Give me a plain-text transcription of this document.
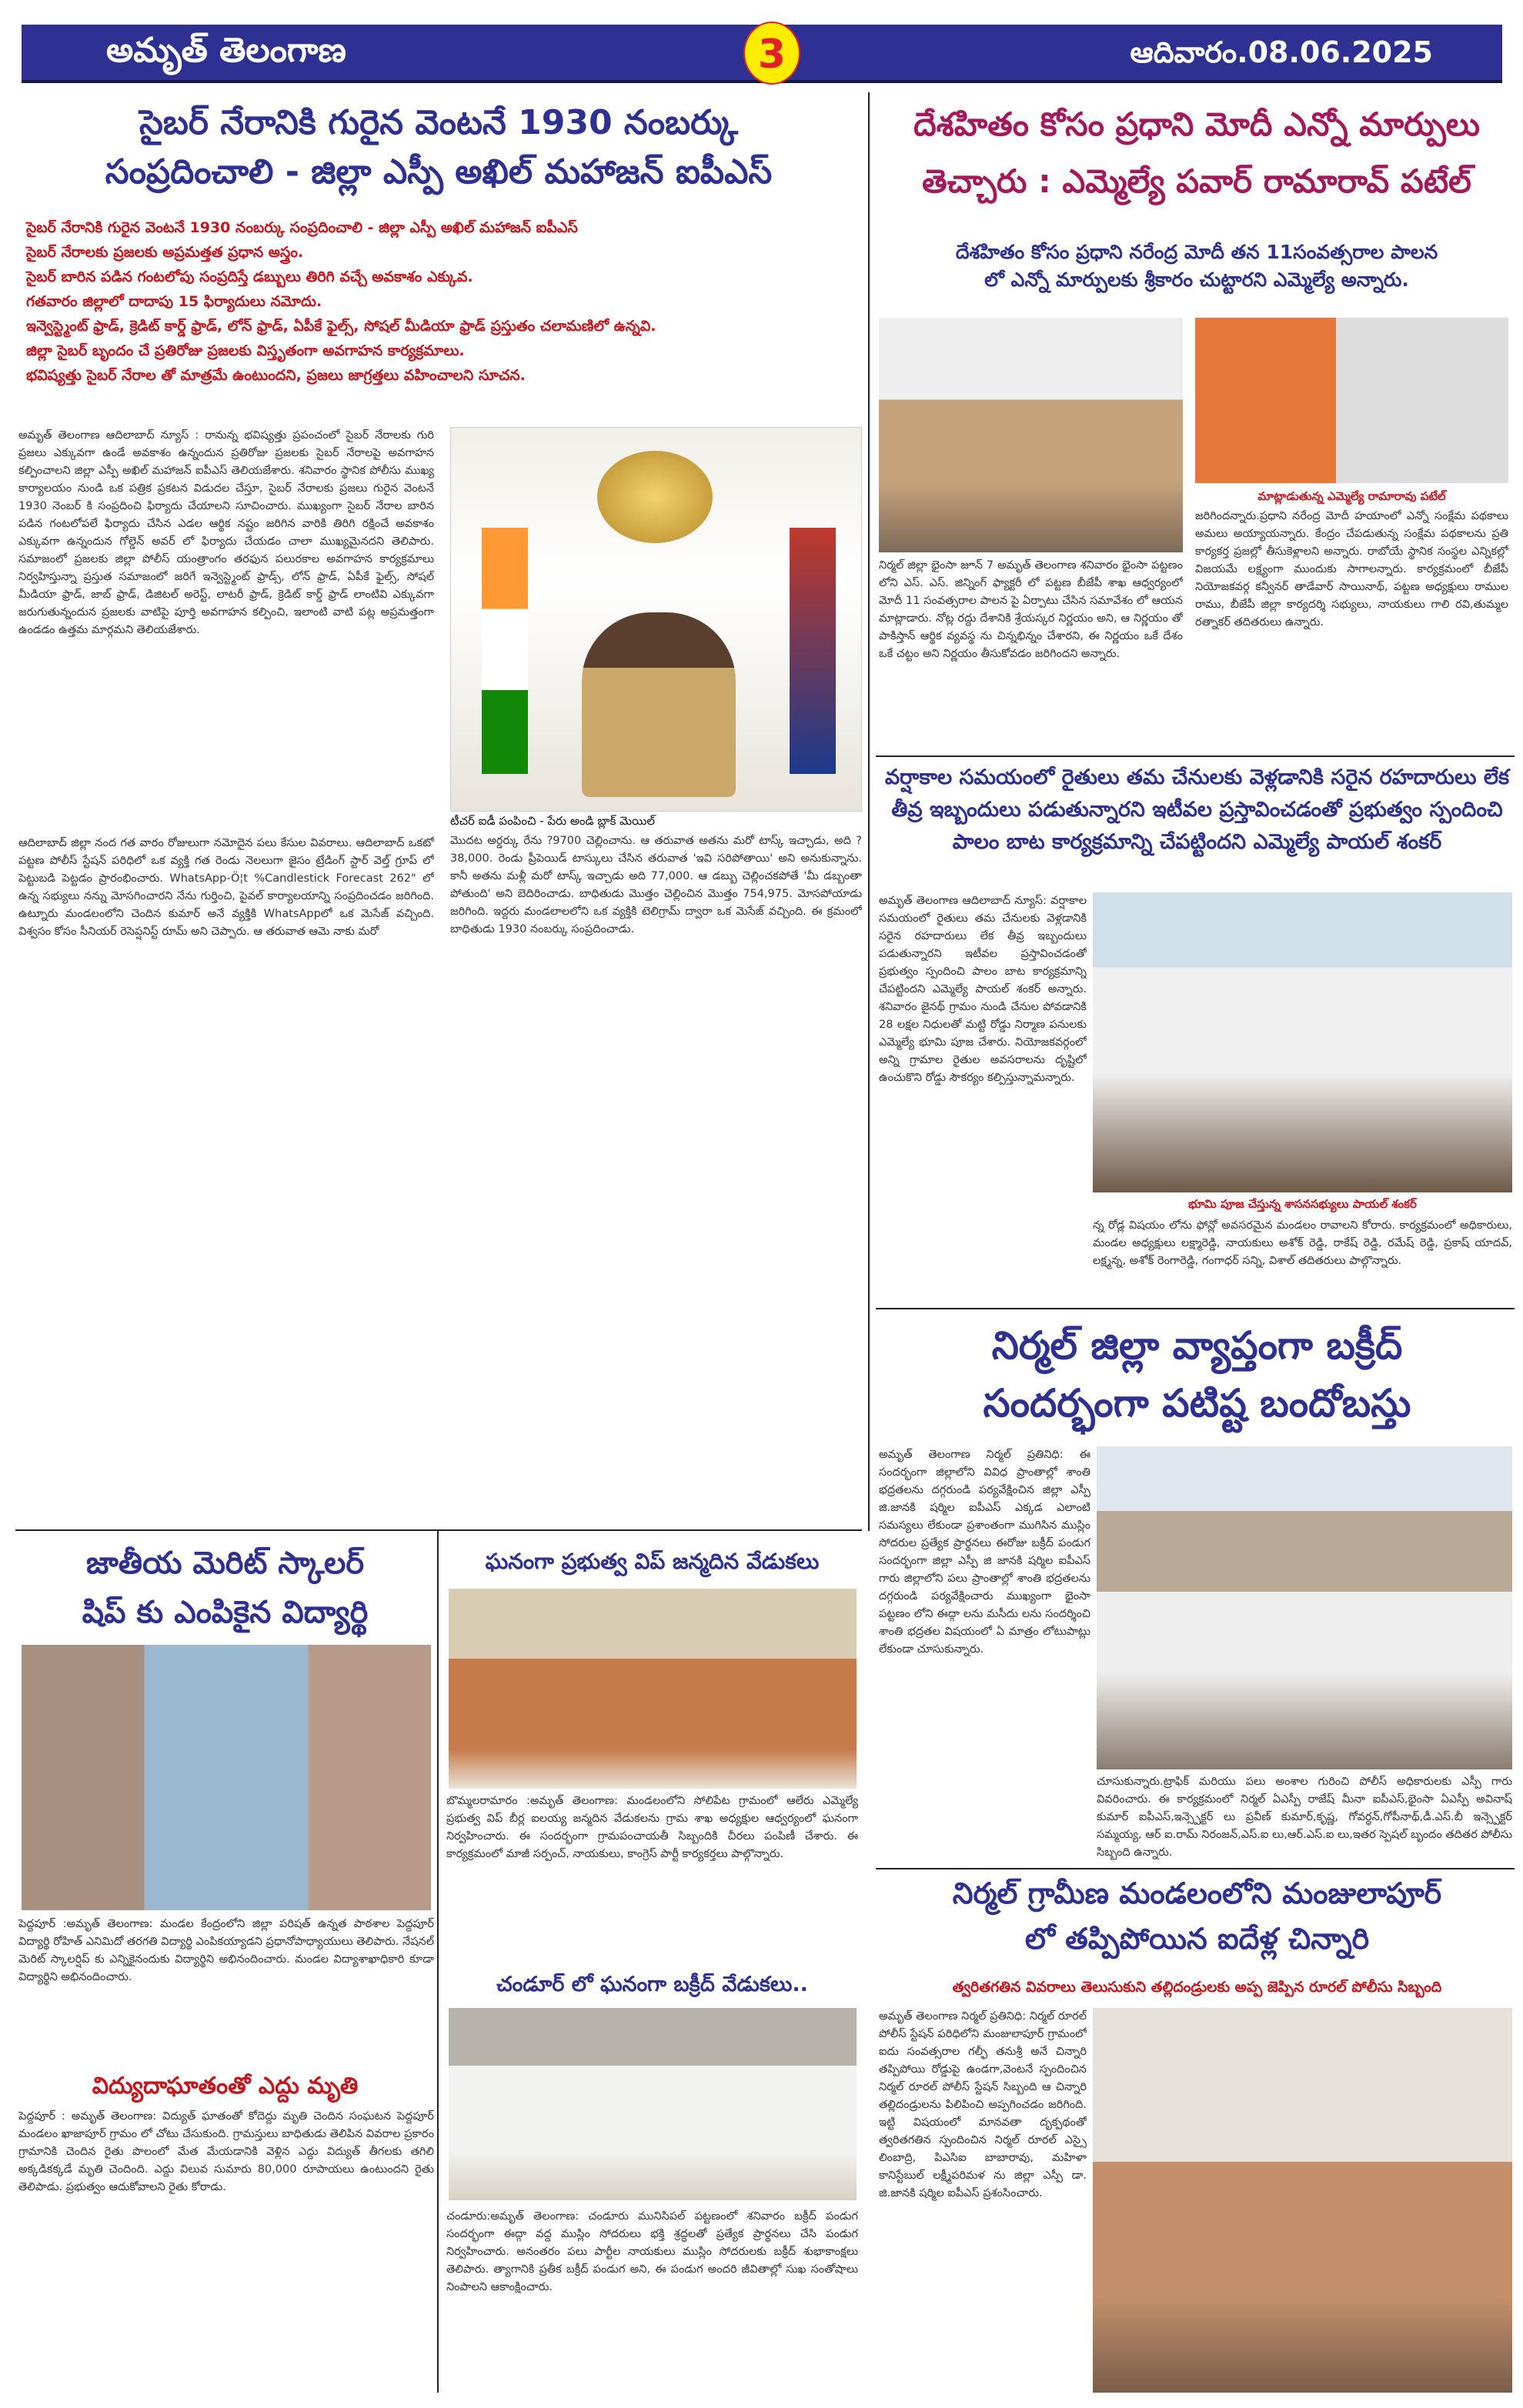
అమృత్ తెలంగాణ	3	ఆదివారం.08.06.2025
సైబర్ నేరానికి గురైన వెంటనే 1930 నంబర్కు
సంప్రదించాలి - జిల్లా ఎస్పీ అఖిల్ మహాజన్ ఐపీఎస్
సైబర్ నేరానికి గురైన వెంటనే 1930 నంబర్కు సంప్రదించాలి - జిల్లా ఎస్పీ అఖిల్ మహాజన్ ఐపీఎస్
సైబర్ నేరాలకు ప్రజలకు అప్రమత్తత ప్రధాన అస్త్రం.
సైబర్ బారిన పడిన గంటలోపు సంప్రదిస్తే డబ్బులు తిరిగి వచ్చే అవకాశం ఎక్కువ.
గతవారం జిల్లాలో దాదాపు 15 ఫిర్యాదులు నమోదు.
ఇన్వెస్ట్మెంట్ ఫ్రాడ్, క్రెడిట్ కార్డ్ ఫ్రాడ్, లోన్ ఫ్రాడ్, ఏపీకే ఫైల్స్, సోషల్ మీడియా ఫ్రాడ్ ప్రస్తుతం చలామణిలో ఉన్నవి.
జిల్లా సైబర్ బృందం చే ప్రతిరోజు ప్రజలకు విస్తృతంగా అవగాహన కార్యక్రమాలు.
భవిష్యత్తు సైబర్ నేరాల తో మాత్రమే ఉంటుందని, ప్రజలు జాగ్రత్తలు వహించాలని సూచన.
అమృత్ తెలంగాణ ఆదిలాబాద్ న్యూస్ : రానున్న భవిష్యత్తు ప్రపంచంలో సైబర్ నేరాలకు గురి ప్రజలు ఎక్కువగా ఉండే అవకాశం ఉన్నందున ప్రతిరోజు ప్రజలకు సైబర్ నేరాలపై అవగాహన కల్పించాలని జిల్లా ఎస్పీ అఖిల్ మహాజన్ ఐపీఎస్ తెలియజేశారు. శనివారం స్థానిక పోలీసు ముఖ్య కార్యాలయం నుండి ఒక పత్రిక ప్రకటన విడుదల చేస్తూ, సైబర్ నేరాలకు ప్రజలు గురైన వెంటనే 1930 నెంబర్ కి సంప్రదించి ఫిర్యాదు చేయాలని సూచించారు. ముఖ్యంగా సైబర్ నేరాల బారిన పడిన గంటలోపలే ఫిర్యాదు చేసిన ఎడల ఆర్థిక నష్టం జరిగిన వారికి తిరిగి రక్షించే అవకాశం ఎక్కువగా ఉన్నందున గోల్డెన్ అవర్ లో ఫిర్యాదు చేయడం చాలా ముఖ్యమైనదని తెలిపారు. సమాజంలో ప్రజలకు జిల్లా పోలీస్ యంత్రాంగం తరఫున పలురకాల అవగాహన కార్యక్రమాలు నిర్వహిస్తున్నా ప్రస్తుత సమాజంలో జరిగే ఇన్వెస్ట్మెంట్ ఫ్రాడ్స్, లోన్ ఫ్రాడ్, ఏపీకే ఫైల్స్, సోషల్ మీడియా ఫ్రాడ్, జాబ్ ఫ్రాడ్, డిజిటల్ అరెస్ట్, లాటరీ ఫ్రాడ్, క్రెడిట్ కార్డ్ ఫ్రాడ్ లాంటివి ఎక్కువగా జరుగుతున్నందున ప్రజలకు వాటిపై పూర్తి అవగాహన కల్పించి, ఇలాంటి వాటి పట్ల అప్రమత్తంగా ఉండడం ఉత్తమ మార్గమని తెలియజేశారు.
టీచర్ ఐడీ పంపించి - పేరు అండి బ్లాక్ మెయిల్
మొదట అర్డర్కు రేను ?9700 చెల్లించాను. ఆ తరువాత అతను మరో టాస్క్ ఇచ్చాడు, అది ?38,000. రెండు ప్రీపెయిడ్ టాస్కులు చేసిన తరువాత 'ఇవి సరిపోతాయి' అని అనుకున్నాను. కానీ అతను మళ్లీ మరో టాస్క్ ఇచ్చాడు అది 77,000. ఆ డబ్బు చెల్లించకపోతే 'మీ డబ్బంతా పోతుంది' అని బెదిరించాడు. బాధితుడు మొత్తం చెల్లించిన మొత్తం 754,975. మోసపోయాడు జరిగింది. ఇద్దరు మండలాలలోని ఒక వ్యక్తికి టెలిగ్రామ్ ద్వారా ఒక మెసేజ్ వచ్చింది. ఈ క్రమంలో బాధితుడు 1930 నంబర్కు సంప్రదించాడు.
ఆదిలాబాద్ జిల్లా నంద గత వారం రోజులుగా నమోదైన పలు కేసుల వివరాలు. ఆదిలాబాద్ ఒకటో పట్టణ పోలీస్ స్టేషన్ పరిధిలో ఒక వ్యక్తి గత రెండు నెలలుగా జైసం ట్రేడింగ్ స్టార్ వెల్త్ గ్రూప్ లో పెట్టుబడి పెట్టడం ప్రారంభించారు. WhatsApp-Ö¦t %Candlestick Forecast 262" లో ఉన్న సభ్యులు నన్ను మోసగించారని నేను గుర్తించి, పైవల్ కార్యాలయాన్ని సంప్రదించడం జరిగింది. ఉట్నూరు మండలంలోని చెందిన కుమార్ అనే వ్యక్తికి WhatsAppలో ఒక మెసేజ్ వచ్చింది. విశ్వసం కోసం సీనియర్ రెసెప్షనిస్ట్ రూమ్ అని చెప్పారు. ఆ తరువాత ఆమె నాకు మరో
దేశహితం కోసం ప్రధాని మోదీ ఎన్నో మార్పులు
తెచ్చారు : ఎమ్మెల్యే పవార్ రామారావ్ పటేల్
దేశహితం కోసం ప్రధాని నరేంద్ర మోదీ తన 11సంవత్సరాల పాలన
లో ఎన్నో మార్పులకు శ్రీకారం చుట్టారని ఎమ్మెల్యే అన్నారు.
మాట్లాడుతున్న ఎమ్మెల్యే రామారావు పటేల్
నిర్మల్ జిల్లా భైంసా జూన్ 7 అమృత్ తెలంగాణ శనివారం భైంసా పట్టణం లోని ఎస్. ఎస్. జిన్నింగ్ ఫ్యాక్టరీ లో పట్టణ బీజేపీ శాఖ ఆధ్వర్యంలో మోదీ 11 సంవత్సరాల పాలన పై ఏర్పాటు చేసిన సమావేశం లో ఆయన మాట్లాడారు. నోట్ల రద్దు దేశానికి శ్రేయస్కర నిర్ణయం అని, ఆ నిర్ణయం తో పాకిస్తాన్ ఆర్థిక వ్యవస్థ ను చిన్నభిన్నం చేశారని, ఈ నిర్ణయం ఒకే దేశం ఒకే చట్టం అని నిర్ణయం తీసుకోవడం జరిగిందని అన్నారు.
జరిగిందన్నారు.ప్రధాని నరేంద్ర మోదీ హయాంలో ఎన్నో సంక్షేమ పథకాలు అమలు అయ్యాయన్నారు. కేంద్రం చేపడుతున్న సంక్షేమ పథకాలను ప్రతి కార్యకర్త ప్రజల్లో తీసుకెళ్లాలని అన్నారు. రాబోయే స్థానిక సంస్థల ఎన్నికల్లో విజయమే లక్ష్యంగా ముందుకు సాగాలన్నారు. కార్యక్రమంలో బీజేపీ నియోజకవర్గ కన్వీనర్ తాడేవార్ సాయినాథ్, పట్టణ అధ్యక్షులు రాముల రాము, బీజేపీ జిల్లా కార్యదర్శి సభ్యులు, నాయకులు గాలి రవి,తుమ్మల రత్నాకర్ తదితరులు ఉన్నారు.
వర్షాకాల సమయంలో రైతులు తమ చేనులకు వెళ్లడానికి సరైన రహదారులు లేక
తీవ్ర ఇబ్బందులు పడుతున్నారని ఇటీవల ప్రస్తావించడంతో ప్రభుత్వం స్పందించి
పాలం బాట కార్యక్రమాన్ని చేపట్టిందని ఎమ్మెల్యే పాయల్ శంకర్
అమృత్ తెలంగాణ ఆదిలాబాద్ న్యూస్: వర్షాకాల సమయంలో రైతులు తమ చేనులకు వెళ్లడానికి సరైన రహదారులు లేక తీవ్ర ఇబ్బందులు పడుతున్నారని ఇటీవల ప్రస్తావించడంతో ప్రభుత్వం స్పందించి పాలం బాట కార్యక్రమాన్ని చేపట్టిందని ఎమ్మెల్యే పాయల్ శంకర్ అన్నారు. శనివారం జైనథ్ గ్రామం నుండి చేనుల పోవడానికి 28 లక్షల నిధులతో మట్టి రోడ్డు నిర్మాణ పనులకు ఎమ్మెల్యే భూమి పూజ చేశారు. నియోజకవర్గంలో అన్ని గ్రామాల రైతుల అవసరాలను దృష్టిలో ఉంచుకొని రోడ్డు సౌకర్యం కల్పిస్తున్నామన్నారు.
భూమి పూజ చేస్తున్న శాసనసభ్యులు పాయల్ శంకర్
న్న రోడ్ల విషయం లోను ఫోన్లో అవసరమైన మండలం రావాలని కోరారు. కార్యక్రమంలో అధికారులు, మండల అధ్యక్షులు లక్ష్మారెడ్డి, నాయకులు అశోక్ రెడ్డి, రాకేష్ రెడ్డి, రమేష్ రెడ్డి, ప్రకాష్ యాదవ్, లక్ష్మన్న, అశోక్ రెంగారెడ్డి, గంగాధర్ సన్ని, విశాల్ తదితరులు పాల్గొన్నారు.
నిర్మల్ జిల్లా వ్యాప్తంగా బక్రీద్
సందర్భంగా పటిష్ట బందోబస్తు
అమృత్ తెలంగాణ నిర్మల్ ప్రతినిధి: ఈ సందర్భంగా జిల్లాలోని వివిధ ప్రాంతాల్లో శాంతి భద్రతలను దగ్గరుండి పర్యవేక్షించిన జిల్లా ఎస్పీ జి.జానకి షర్మిల ఐపీఎస్ ఎక్కడ ఎలాంటి సమస్యలు లేకుండా ప్రశాంతంగా ముగిసిన ముస్లిం సోదరుల ప్రత్యేక ప్రార్థనలు ఈరోజు బక్రీద్ పండుగ సందర్భంగా జిల్లా ఎస్పీ జి జానకి షర్మిల ఐపీఎస్ గారు జిల్లాలోని పలు ప్రాంతాల్లో శాంతి భద్రతలను దగ్గరుండి పర్యవేక్షించారు ముఖ్యంగా భైంసా పట్టణం లోని ఈద్గా లను మసీదు లను సందర్శించి శాంతి భద్రతల విషయంలో ఏ మాత్రం లోటుపాట్లు లేకుండా చూసుకున్నారు.
చూసుకున్నారు.ట్రాఫిక్ మరియు పలు అంశాల గురించి పోలీస్ అధికారులకు ఎస్పీ గారు వివరించారు. ఈ కార్యక్రమంలో నిర్మల్ ఏఎస్పీ రాజేష్ మీనా ఐపీఎస్,భైంసా ఏఎస్పీ అవినాష్ కుమార్ ఐపీఎస్,ఇన్స్పెక్టర్ లు ప్రవీణ్ కుమార్,కృష్ణ, గోవర్ధన్,గోపీనాథ్,డీ.ఎస్.బీ ఇన్స్పెక్టర్ సమ్మయ్య, ఆర్ ఐ.రామ్ నిరంజన్,ఎస్.ఐ లు,ఆర్.ఎస్.ఐ లు,ఇతర స్పెషల్ బృందం తదితర పోలీసు సిబ్బంది ఉన్నారు.
నిర్మల్ గ్రామీణ మండలంలోని మంజులాపూర్
లో తప్పిపోయిన ఐదేళ్ల చిన్నారి
త్వరితగతిన వివరాలు తెలుసుకుని తల్లిదండ్రులకు అప్ప జెప్పిన రూరల్ పోలీసు సిబ్బంది
అమృత్ తెలంగాణ నిర్మల్ ప్రతినిధి: నిర్మల్ రూరల్ పోలీస్ స్టేషన్ పరిధిలోని మంజులాపూర్ గ్రామంలో ఐదు సంవత్సరాల గల్ఫీ తనుశ్రీ అనే చిన్నారి తప్పిపోయి రోడ్డుపై ఉండగా,వెంటనే స్పందించిన నిర్మల్ రూరల్ పోలీస్ స్టేషన్ సిబ్బంది ఆ చిన్నారి తల్లిదండ్రులను పిలిపించి అప్పగించడం జరిగింది. ఇట్టి విషయంలో మానవతా దృక్పథంతో త్వరితగతిన స్పందించిన నిర్మల్ రూరల్ ఎస్సై లింబాద్రి, పిఎసిఐ బాబారావు, మహిళా కానిస్టేబుల్ లక్ష్మీపరిమళ ను జిల్లా ఎస్పీ డా. జి.జానకి షర్మిల ఐపీఎస్ ప్రశంసించారు.
జాతీయ మెరిట్ స్కాలర్
షిప్ కు ఎంపికైన విద్యార్థి
పెద్దపూర్ :అమృత్ తెలంగాణ: మండల కేంద్రంలోని జిల్లా పరిషత్ ఉన్నత పాఠశాల పెద్దపూర్ విద్యార్థి రోహిత్ ఎనిమిదో తరగతి విద్యార్థి ఎంపికయ్యాడని ప్రధానోపాధ్యాయులు తెలిపారు. నేషనల్ మెరిట్ స్కాలర్షిప్ కు ఎన్నికైనందుకు విద్యార్థిని అభినందించారు. మండల విద్యాశాఖాధికారి కూడా విద్యార్థిని అభినందించారు.
విద్యుదాఘాతంతో ఎద్దు మృతి
పెద్దపూర్ : అమృత్ తెలంగాణ: విద్యుత్ ఘాతంతో కోదెద్దు మృతి చెందిన సంఘటన పెద్దపూర్ మండలం ఖాజాపూర్ గ్రామం లో చోటు చేసుకుంది. గ్రామస్తులు బాధితుడు తెలిపిన వివరాల ప్రకారం గ్రామానికి చెందిన రైతు పొలంలో మేత మేయడానికి వెళ్లిన ఎద్దు విద్యుత్ తీగలకు తగిలి అక్కడికక్కడే మృతి చెందింది. ఎద్దు విలువ సుమారు 80,000 రూపాయలు ఉంటుందని రైతు తెలిపాడు. ప్రభుత్వం ఆదుకోవాలని రైతు కోరాడు.
ఘనంగా ప్రభుత్వ విప్ జన్మదిన వేడుకలు
బొమ్మలరామారం :అమృత్ తెలంగాణ: మండలంలోని సోలిపేట గ్రామంలో ఆలేరు ఎమ్మెల్యే ప్రభుత్వ విప్ బీర్ల ఐలయ్య జన్మదిన వేడుకలను గ్రామ శాఖ అధ్యక్షుల ఆధ్వర్యంలో ఘనంగా నిర్వహించారు. ఈ సందర్భంగా గ్రామపంచాయతీ సిబ్బందికి చీరలు పంపిణీ చేశారు. ఈ కార్యక్రమంలో మాజీ సర్పంచ్, నాయకులు, కాంగ్రెస్ పార్టీ కార్యకర్తలు పాల్గొన్నారు.
చండూర్ లో ఘనంగా బక్రీద్ వేడుకలు..
చండూరు:అమృత్ తెలంగాణ: చండూరు మునిసిపల్ పట్టణంలో శనివారం బక్రీద్ పండుగ సందర్భంగా ఈద్గా వద్ద ముస్లిం సోదరులు భక్తి శ్రద్ధలతో ప్రత్యేక ప్రార్థనలు చేసి పండుగ నిర్వహించారు. అనంతరం పలు పార్టీల నాయకులు ముస్లిం సోదరులకు బక్రీద్ శుభాకాంక్షలు తెలిపారు. త్యాగానికి ప్రతీక బక్రీద్ పండుగ అని, ఈ పండుగ అందరి జీవితాల్లో సుఖ సంతోషాలు నింపాలని ఆకాంక్షించారు.
